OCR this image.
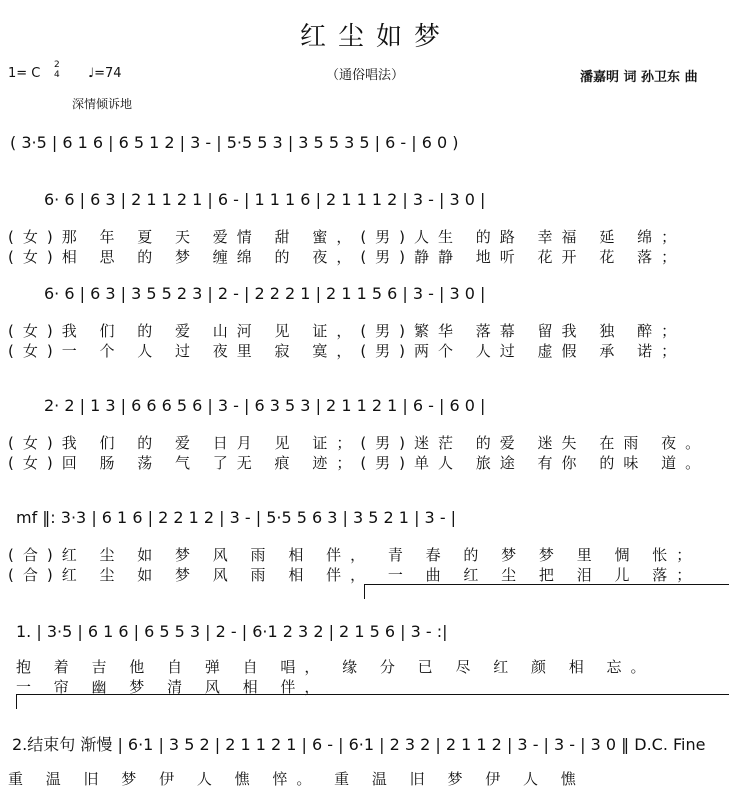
红尘如梦
1= C
2
4 ♩=74	（通俗唱法）	潘嘉明 词 孙卫东 曲
深情倾诉地
( 3·5 | 6 1 6 | 6 5 1 2 | 3 - | 5·5 5 3 | 3 5 5 3 5 | 6 - | 6 0 )
6· 6 | 6 3 | 2 1 1 2 1 | 6 - | 1 1 1 6 | 2 1 1 1 2 | 3 - | 3 0 |
(女)那 年 夏 天 爱情 甜 蜜，(男)人生 的路 幸福 延 绵；
(女)相 思 的 梦 缠绵 的 夜，(男)静静 地听 花开 花 落；
6· 6 | 6 3 | 3 5 5 2 3 | 2 - | 2 2 2 1 | 2 1 1 5 6 | 3 - | 3 0 |
(女)我 们 的 爱 山河 见 证，(男)繁华 落幕 留我 独 醉；
(女)一 个 人 过 夜里 寂 寞，(男)两个 人过 虚假 承 诺；
2· 2 | 1 3 | 6 6 6 5 6 | 3 - | 6 3 5 3 | 2 1 1 2 1 | 6 - | 6 0 |
(女)我 们 的 爱 日月 见 证；(男)迷茫 的爱 迷失 在雨 夜。
(女)回 肠 荡 气 了无 痕 迹；(男)单人 旅途 有你 的味 道。
mf ‖: 3·3 | 6 1 6 | 2 2 1 2 | 3 - | 5·5 5 6 3 | 3 5 2 1 | 3 - |
(合)红 尘 如 梦 风 雨 相 伴， 青 春 的 梦 梦 里 惆 怅；
(合)红 尘 如 梦 风 雨 相 伴， 一 曲 红 尘 把 泪 儿 落；
1. | 3·5 | 6 1 6 | 6 5 5 3 | 2 - | 6·1 2 3 2 | 2 1 5 6 | 3 - :|
抱 着 吉 他 自 弹 自 唱， 缘 分 已 尽 红 颜 相 忘。
一 帘 幽 梦 清 风 相 伴，
2.结束句 渐慢 | 6·1 | 3 5 2 | 2 1 1 2 1 | 6 - | 6·1 | 2 3 2 | 2 1 1 2 | 3 - | 3 - | 3 0 ‖ D.C. Fine
重 温 旧 梦 伊 人 憔 悴。 重 温 旧 梦 伊 人 憔
